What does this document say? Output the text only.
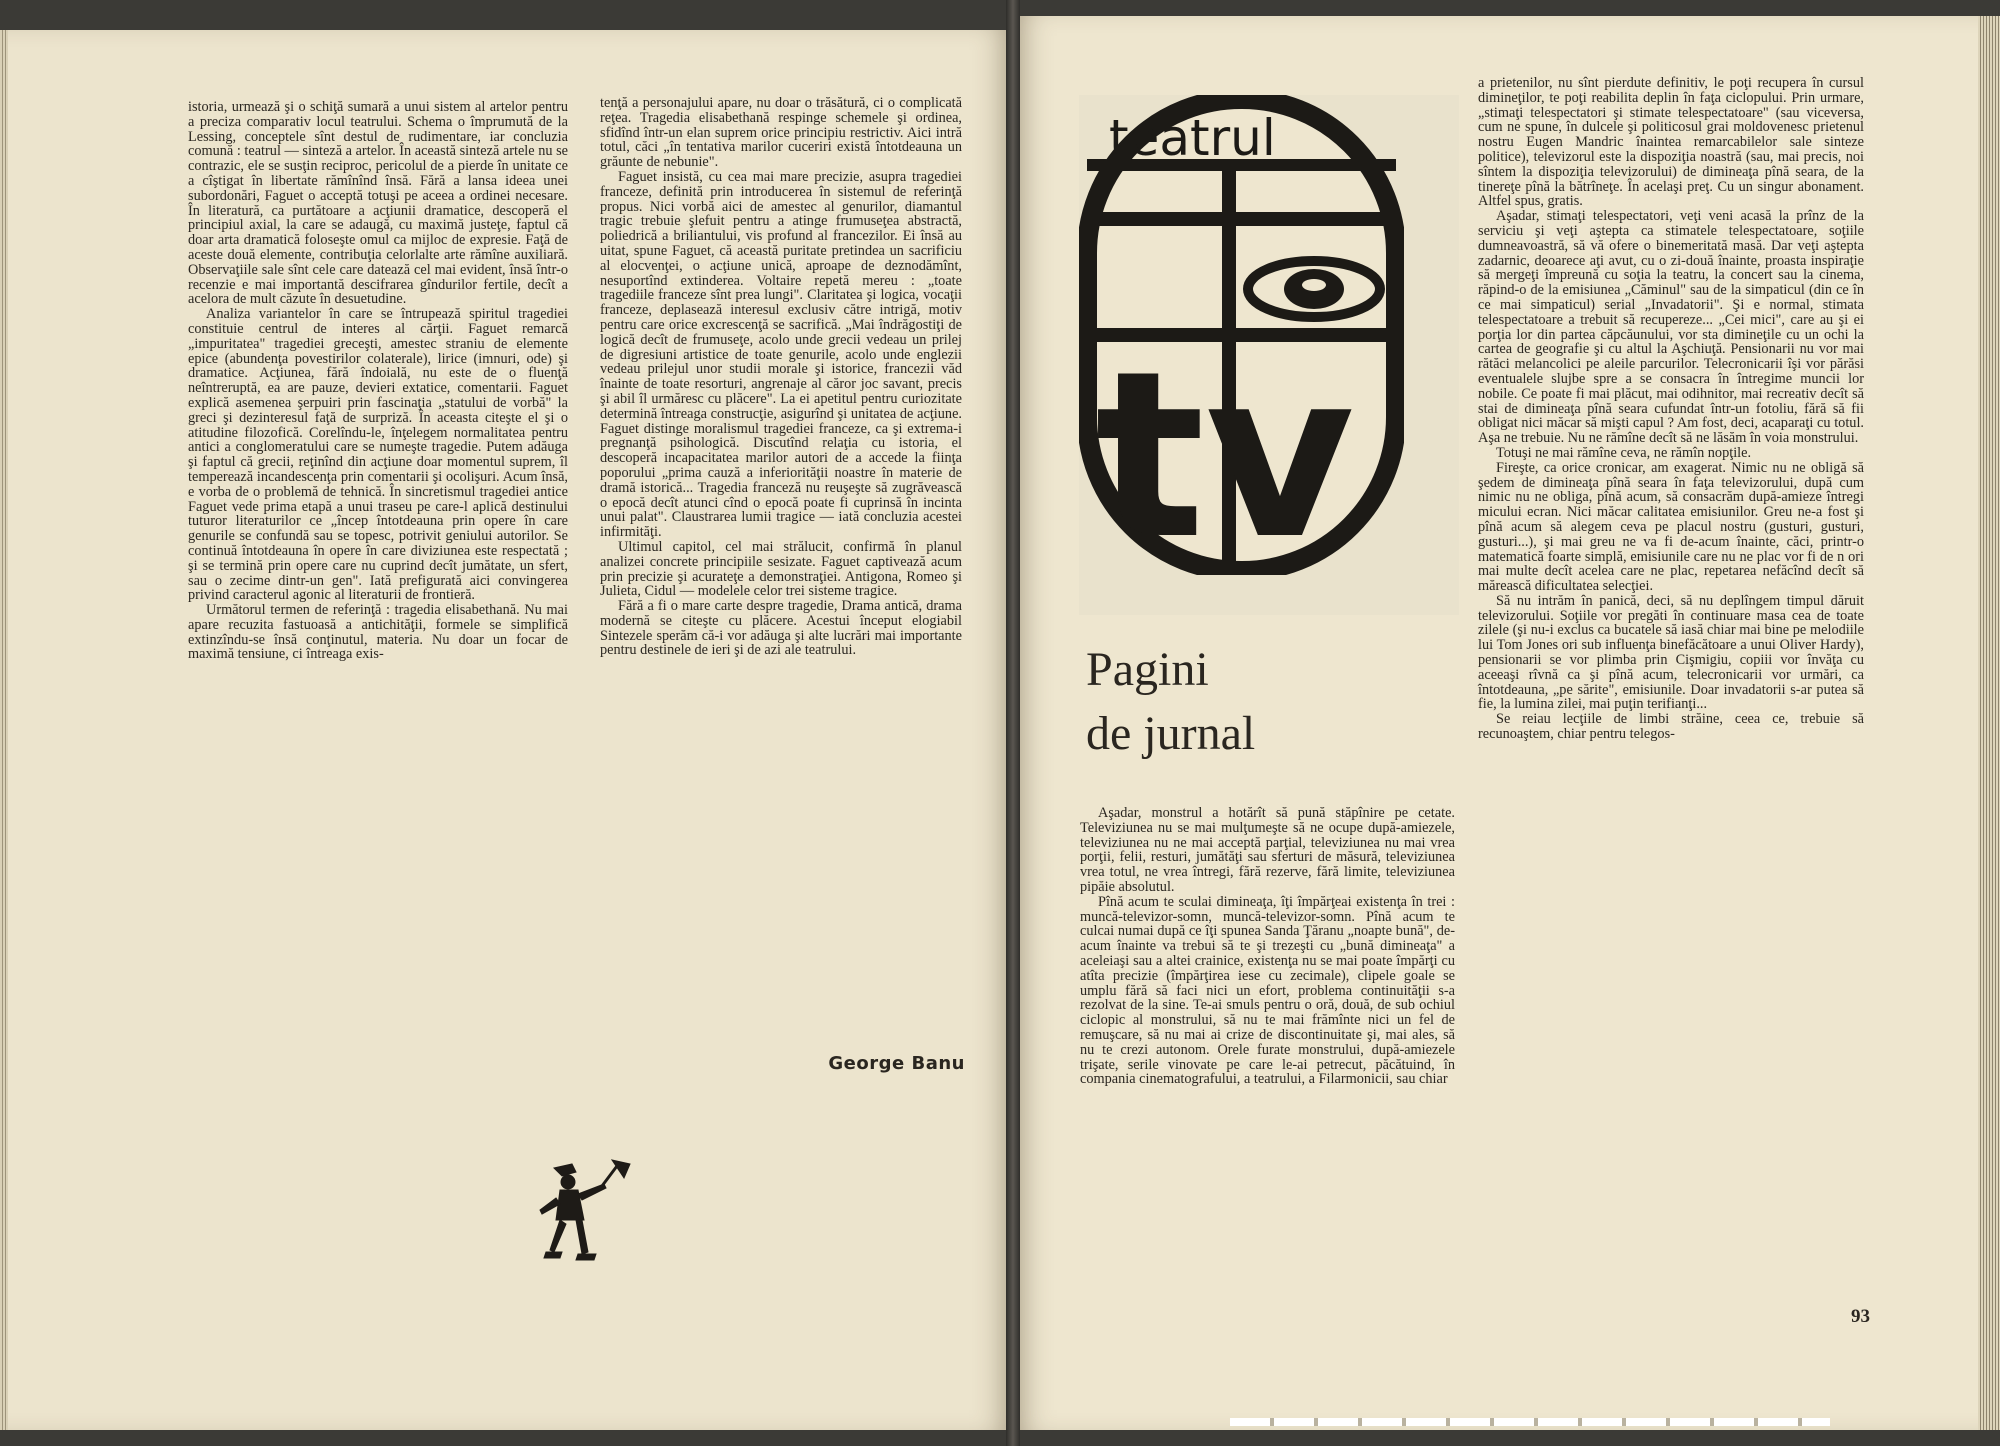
istoria, urmează şi o schiţă sumară a unui sistem al artelor pentru a preciza comparativ locul teatrului. Schema o împrumută de la Lessing, conceptele sînt destul de rudimentare, iar concluzia comună : teatrul — sinteză a artelor. În această sinteză artele nu se contrazic, ele se susţin reciproc, pericolul de a pierde în unitate ce a cîştigat în libertate rămînînd însă. Fără a lansa ideea unei subordonări, Faguet o acceptă totuşi pe aceea a ordinei necesare. În literatură, ca purtătoare a acţiunii dramatice, descoperă el principiul axial, la care se adaugă, cu maximă justeţe, faptul că doar arta dramatică foloseşte omul ca mijloc de expresie. Faţă de aceste două elemente, contribuţia celorlalte arte rămîne auxiliară. Observaţiile sale sînt cele care datează cel mai evident, însă într-o recenzie e mai importantă descifrarea gîndurilor fertile, decît a acelora de mult căzute în desuetudine.

Analiza variantelor în care se întrupează spiritul tragediei constituie centrul de interes al cărţii. Faguet remarcă „impuritatea" tragediei greceşti, amestec straniu de elemente epice (abundenţa povestirilor colaterale), lirice (imnuri, ode) şi dramatice. Acţiunea, fără îndoială, nu este de o fluenţă neîntreruptă, ea are pauze, devieri extatice, comentarii. Faguet explică asemenea şerpuiri prin fascinaţia „statului de vorbă" la greci şi dezinteresul faţă de surpriză. În aceasta citeşte el şi o atitudine filozofică. Corelîndu-le, înţelegem normalitatea pentru antici a conglomeratului care se numeşte tragedie. Putem adăuga şi faptul că grecii, reţinînd din acţiune doar momentul suprem, îl temperează incandescenţa prin comentarii şi ocolişuri. Acum însă, e vorba de o problemă de tehnică. În sincretismul tragediei antice Faguet vede prima etapă a unui traseu pe care-l aplică destinului tuturor literaturilor ce „încep întotdeauna prin opere în care genurile se confundă sau se topesc, potrivit geniului autorilor. Se continuă întotdeauna în opere în care diviziunea este respectată ; şi se termină prin opere care nu cuprind decît jumătate, un sfert, sau o zecime dintr-un gen". Iată prefigurată aici convingerea privind caracterul agonic al literaturii de frontieră.

Următorul termen de referinţă : tragedia elisabethană. Nu mai apare recuzita fastuoasă a antichităţii, formele se simplifică extinzîndu-se însă conţinutul, materia. Nu doar un focar de maximă tensiune, ci întreaga exis-

tenţă a personajului apare, nu doar o trăsătură, ci o complicată reţea. Tragedia elisabethană respinge schemele şi ordinea, sfidînd într-un elan suprem orice principiu restrictiv. Aici intră totul, căci „în tentativa marilor cuceriri există întotdeauna un grăunte de nebunie".

Faguet insistă, cu cea mai mare precizie, asupra tragediei franceze, definită prin introducerea în sistemul de referinţă propus. Nici vorbă aici de amestec al genurilor, diamantul tragic trebuie şlefuit pentru a atinge frumuseţea abstractă, poliedrică a briliantului, vis profund al francezilor. Ei însă au uitat, spune Faguet, că această puritate pretindea un sacrificiu al elocvenţei, o acţiune unică, aproape de deznodămînt, nesuportînd extinderea. Voltaire repetă mereu : „toate tragediile franceze sînt prea lungi". Claritatea şi logica, vocaţii franceze, deplasează interesul exclusiv către intrigă, motiv pentru care orice excrescenţă se sacrifică. „Mai îndrăgostiţi de logică decît de frumuseţe, acolo unde grecii vedeau un prilej de digresiuni artistice de toate genurile, acolo unde englezii vedeau prilejul unor studii morale şi istorice, francezii văd înainte de toate resorturi, angrenaje al căror joc savant, precis şi abil îl urmăresc cu plăcere". La ei apetitul pentru curiozitate determină întreaga construcţie, asigurînd şi unitatea de acţiune. Faguet distinge moralismul tragediei franceze, ca şi extrema-i pregnanţă psihologică. Discutînd relaţia cu istoria, el descoperă incapacitatea marilor autori de a accede la fiinţa poporului „prima cauză a inferiorităţii noastre în materie de dramă istorică... Tragedia franceză nu reuşeşte să zugrăvească o epocă decît atunci cînd o epocă poate fi cuprinsă în incinta unui palat". Claustrarea lumii tragice — iată concluzia acestei infirmităţi.

Ultimul capitol, cel mai strălucit, confirmă în planul analizei concrete principiile sesizate. Faguet captivează acum prin precizie şi acurateţe a demonstraţiei. Antigona, Romeo şi Julieta, Cidul — modelele celor trei sisteme tragice.

Fără a fi o mare carte despre tragedie, Drama antică, drama modernă se citeşte cu plăcere. Acestui început elogiabil Sintezele sperăm că-i vor adăuga şi alte lucrări mai importante pentru destinele de ieri şi de azi ale teatrului.

George Banu
teatrul
tv
Pagini
de jurnal

Aşadar, monstrul a hotărît să pună stăpînire pe cetate. Televiziunea nu se mai mulţumeşte să ne ocupe după-amiezele, televiziunea nu ne mai acceptă parţial, televiziunea nu mai vrea porţii, felii, resturi, jumătăţi sau sferturi de măsură, televiziunea vrea totul, ne vrea întregi, fără rezerve, fără limite, televiziunea pipăie absolutul.

Pînă acum te sculai dimineaţa, îţi împărţeai existenţa în trei : muncă-televizor-somn, muncă-televizor-somn. Pînă acum te culcai numai după ce îţi spunea Sanda Ţăranu „noapte bună", de-acum înainte va trebui să te şi trezeşti cu „bună dimineaţa" a aceleiaşi sau a altei crainice, existenţa nu se mai poate împărţi cu atîta precizie (împărţirea iese cu zecimale), clipele goale se umplu fără să faci nici un efort, problema continuităţii s-a rezolvat de la sine. Te-ai smuls pentru o oră, două, de sub ochiul ciclopic al monstrului, să nu te mai frămînte nici un fel de remuşcare, să nu mai ai crize de discontinuitate şi, mai ales, să nu te crezi autonom. Orele furate monstrului, după-amiezele trişate, serile vinovate pe care le-ai petrecut, păcătuind, în compania cinematografului, a teatrului, a Filarmonicii, sau chiar

a prietenilor, nu sînt pierdute definitiv, le poţi recupera în cursul dimineţilor, te poţi reabilita deplin în faţa ciclopului. Prin urmare, „stimaţi telespectatori şi stimate telespectatoare" (sau viceversa, cum ne spune, în dulcele şi politicosul grai moldovenesc prietenul nostru Eugen Mandric înaintea remarcabilelor sale sinteze politice), televizorul este la dispoziţia noastră (sau, mai precis, noi sîntem la dispoziţia televizorului) de dimineaţa pînă seara, de la tinereţe pînă la bătrîneţe. În acelaşi preţ. Cu un singur abonament. Altfel spus, gratis.

Aşadar, stimaţi telespectatori, veţi veni acasă la prînz de la serviciu şi veţi aştepta ca stimatele telespectatoare, soţiile dumneavoastră, să vă ofere o binemeritată masă. Dar veţi aştepta zadarnic, deoarece aţi avut, cu o zi-două înainte, proasta inspiraţie să mergeţi împreună cu soţia la teatru, la concert sau la cinema, răpind-o de la emisiunea „Căminul" sau de la simpaticul (din ce în ce mai simpaticul) serial „Invadatorii". Şi e normal, stimata telespectatoare a trebuit să recupereze... „Cei mici", care au şi ei porţia lor din partea căpcăunului, vor sta dimineţile cu un ochi la cartea de geografie şi cu altul la Aşchiuţă. Pensionarii nu vor mai rătăci melancolici pe aleile parcurilor. Telecronicarii îşi vor părăsi eventualele slujbe spre a se consacra în întregime muncii lor nobile. Ce poate fi mai plăcut, mai odihnitor, mai recreativ decît să stai de dimineaţa pînă seara cufundat într-un fotoliu, fără să fii obligat nici măcar să mişti capul ? Am fost, deci, acaparaţi cu totul. Aşa ne trebuie. Nu ne rămîne decît să ne lăsăm în voia monstrului.

Totuşi ne mai rămîne ceva, ne rămîn nopţile.

Fireşte, ca orice cronicar, am exagerat. Nimic nu ne obligă să şedem de dimineaţa pînă seara în faţa televizorului, după cum nimic nu ne obliga, pînă acum, să consacrăm după-amieze întregi micului ecran. Nici măcar calitatea emisiunilor. Greu ne-a fost şi pînă acum să alegem ceva pe placul nostru (gusturi, gusturi, gusturi...), şi mai greu ne va fi de-acum înainte, căci, printr-o matematică foarte simplă, emisiunile care nu ne plac vor fi de n ori mai multe decît acelea care ne plac, repetarea nefăcînd decît să mărească dificultatea selecţiei.

Să nu intrăm în panică, deci, să nu deplîngem timpul dăruit televizorului. Soţiile vor pregăti în continuare masa cea de toate zilele (şi nu-i exclus ca bucatele să iasă chiar mai bine pe melodiile lui Tom Jones ori sub influenţa binefăcătoare a unui Oliver Hardy), pensionarii se vor plimba prin Cişmigiu, copiii vor învăţa cu aceeaşi rîvnă ca şi pînă acum, telecronicarii vor urmări, ca întotdeauna, „pe sărite", emisiunile. Doar invadatorii s-ar putea să fie, la lumina zilei, mai puţin terifianţi...

Se reiau lecţiile de limbi străine, ceea ce, trebuie să recunoaştem, chiar pentru telegos-

93
